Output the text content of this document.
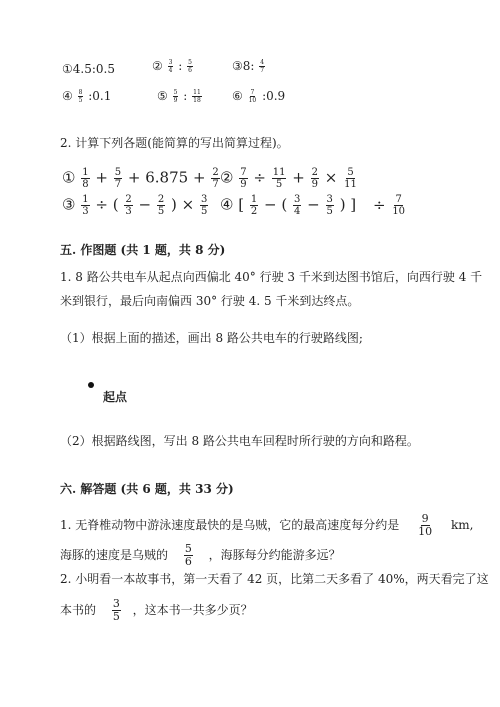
①4.5:0.5	② $\frac{3}{4}$ : $\frac{5}{6}$	③8: $\frac{4}{7}$
④ $\frac{8}{5}$ :0.1	⑤ $\frac{5}{9}$ : $\frac{11}{18}$	⑥ $\frac{7}{10}$ :0.9
2. 计算下列各题(能简算的写出简算过程)。
① $\frac{1}{8} + \frac{5}{7} + 6.875 + \frac{2}{7}$ ② $\frac{7}{9} \div \frac{11}{5} + \frac{2}{9} \times \frac{5}{11}$
③ $\frac{1}{3}$ ÷ ( $\frac{2}{3} - \frac{2}{5}$ ) × $\frac{3}{5}$ ④ [ $\frac{1}{2}$ − ( $\frac{3}{4} - \frac{3}{5}$ ) ] ÷ $\frac{7}{10}$
五. 作图题 (共 1 题，共 8 分)
1. 8 路公共电车从起点向西偏北 40° 行驶 3 千米到达图书馆后，向西行驶 4 千
米到银行，最后向南偏西 30° 行驶 4. 5 千米到达终点。
（1）根据上面的描述，画出 8 路公共电车的行驶路线图;
起点
（2）根据路线图，写出 8 路公共电车回程时所行驶的方向和路程。
六. 解答题 (共 6 题，共 33 分)
1. 无脊椎动物中游泳速度最快的是乌贼，它的最高速度每分约是 $\frac{9}{10}$ km,
海豚的速度是乌贼的 $\frac{5}{6}$ ，海豚每分约能游多远？
2. 小明看一本故事书，第一天看了 42 页，比第二天多看了 40%，两天看完了这
本书的 $\frac{3}{5}$ ，这本书一共多少页？
